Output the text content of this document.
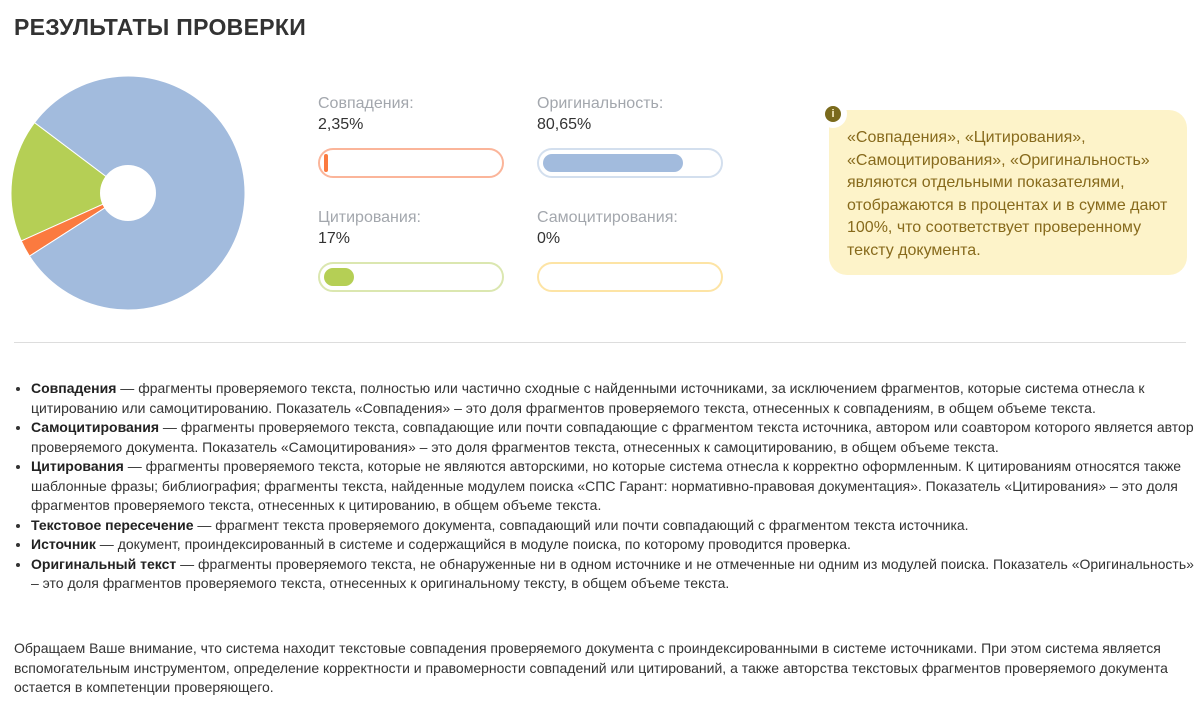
РЕЗУЛЬТАТЫ ПРОВЕРКИ
Совпадения:
2,35%
Оригинальность:
80,65%
Цитирования:
17%
Самоцитирования:
0%
i
«Совпадения», «Цитирования», «Самоцитирования», «Оригинальность» являются отдельными показателями, отображаются в процентах и в сумме дают 100%, что соответствует проверенному тексту документа.
• Совпадения — фрагменты проверяемого текста, полностью или частично сходные с найденными источниками, за исключением фрагментов, которые система отнесла к цитированию или самоцитированию. Показатель «Совпадения» – это доля фрагментов проверяемого текста, отнесенных к совпадениям, в общем объеме текста.
• Самоцитирования — фрагменты проверяемого текста, совпадающие или почти совпадающие с фрагментом текста источника, автором или соавтором которого является автор проверяемого документа. Показатель «Самоцитирования» – это доля фрагментов текста, отнесенных к самоцитированию, в общем объеме текста.
• Цитирования — фрагменты проверяемого текста, которые не являются авторскими, но которые система отнесла к корректно оформленным. К цитированиям относятся также шаблонные фразы; библиография; фрагменты текста, найденные модулем поиска «СПС Гарант: нормативно-правовая документация». Показатель «Цитирования» – это доля фрагментов проверяемого текста, отнесенных к цитированию, в общем объеме текста.
• Текстовое пересечение — фрагмент текста проверяемого документа, совпадающий или почти совпадающий с фрагментом текста источника.
• Источник — документ, проиндексированный в системе и содержащийся в модуле поиска, по которому проводится проверка.
• Оригинальный текст — фрагменты проверяемого текста, не обнаруженные ни в одном источнике и не отмеченные ни одним из модулей поиска. Показатель «Оригинальность» – это доля фрагментов проверяемого текста, отнесенных к оригинальному тексту, в общем объеме текста.
Обращаем Ваше внимание, что система находит текстовые совпадения проверяемого документа с проиндексированными в системе источниками. При этом система является вспомогательным инструментом, определение корректности и правомерности совпадений или цитирований, а также авторства текстовых фрагментов проверяемого документа остается в компетенции проверяющего.
